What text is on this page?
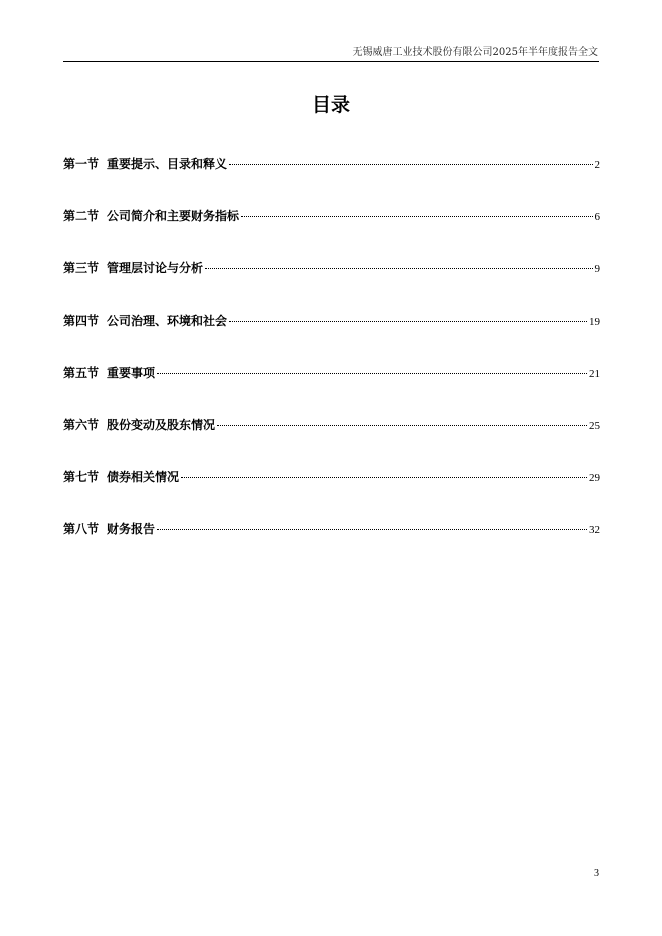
无锡威唐工业技术股份有限公司2025年半年度报告全文
目录
第一节 重要提示、目录和释义	2
第二节 公司简介和主要财务指标	6
第三节 管理层讨论与分析	9
第四节 公司治理、环境和社会	19
第五节 重要事项	21
第六节 股份变动及股东情况	25
第七节 债券相关情况	29
第八节 财务报告	32
3
